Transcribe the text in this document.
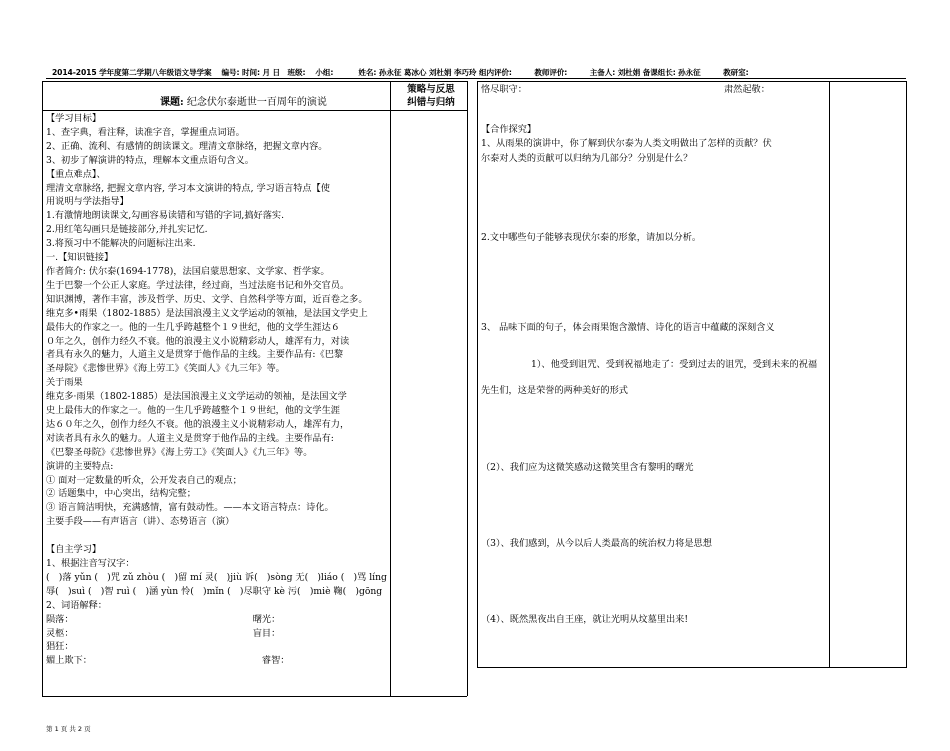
2014-2015 学年度第二学期八年级语文导学案　 编号: 时间: 月 日　班级:　 小组:　　　 姓名: 孙永征 葛冰心 刘杜娟 李巧玲 组内评价:　　　教师评价:　　　主备人: 刘杜娟 备课组长: 孙永征　　　教研室:
课题: 纪念伏尔泰逝世一百周年的演说
策略与反思
纠错与归纳

【学习目标】

1、查字典，看注释，读准字音，掌握重点词语。

2、正确、流利、有感情的朗读课文。理清文章脉络，把握文章内容。

3、初步了解演讲的特点，理解本文重点语句含义。

【重点难点】、

理清文章脉络, 把握文章内容, 学习本文演讲的特点, 学习语言特点【使

用说明与学法指导】

1.有激情地朗读课文,勾画容易读错和写错的字词,搞好落实.

2.用红笔勾画只是链接部分,并扎实记忆.

3.将预习中不能解决的问题标注出来.

一.【知识链接】

作者简介: 伏尔泰(1694-1778)，法国启蒙思想家、文学家、哲学家。

生于巴黎一个公正人家庭。学过法律，经过商，当过法庭书记和外交官员。

知识渊博，著作丰富，涉及哲学、历史、文学、自然科学等方面，近百卷之多。

维克多•雨果（1802-1885）是法国浪漫主义文学运动的领袖，是法国文学史上

最伟大的作家之一。他的一生几乎跨越整个１９世纪，他的文学生涯达６

０年之久，创作力经久不衰。他的浪漫主义小说精彩动人，雄浑有力，对读

者具有永久的魅力，人道主义是贯穿于他作品的主线。主要作品有:《巴黎

圣母院》《悲惨世界》《海上劳工》《笑面人》《九三年》等。

关于雨果

维克多·雨果（1802-1885）是法国浪漫主义文学运动的领袖，是法国文学

史上最伟大的作家之一。他的一生几乎跨越整个１９世纪，他的文学生涯

达６０年之久，创作力经久不衰。他的浪漫主义小说精彩动人，雄浑有力，

对读者具有永久的魅力。人道主义是贯穿于他作品的主线。主要作品有:

《巴黎圣母院》《悲惨世界》《海上劳工》《笑面人》《九三年》等。

演讲的主要特点:

① 面对一定数量的听众，公开发表自己的观点；

② 话题集中，中心突出，结构完整；

③ 语言简洁明快，充满感情，富有鼓动性。——本文语言特点：诗化。

主要手段——有声语言（讲）、态势语言（演）

【自主学习】

1、根据注音写汉字：

(　)落 yǔn (　)咒 zǔ zhòu (　)留 mí 灵(　)jiù 诉(　)sòng 无(　)liáo (　)骂 líng

辱(　)suì (　)智 ruì (　)涵 yùn 怜(　)mǐn (　)尽职守 kè 污(　)miè 鞠(　)gōng

2、词语解释：

陨落：　　　　　　　　　　　　　　　　　　　　曙光：

灵柩：　　　　　　　　　　　　　　　　　　　　盲目：

猖狂：

媚上欺下：　　　　　　　　　　　　　　　　　　　睿智：

恪尽职守：	肃然起敬：
【合作探究】
1、从雨果的演讲中，你了解到伏尔泰为人类文明做出了怎样的贡献？伏
尔泰对人类的贡献可以归纳为几部分？分别是什么？
2.文中哪些句子能够表现伏尔泰的形象，请加以分析。
3、 品味下面的句子，体会雨果饱含激情、诗化的语言中蕴藏的深刻含义
1）、他受到诅咒、受到祝福地走了：受到过去的诅咒，受到未来的祝福
先生们，这是荣誉的两种美好的形式
（2）、我们应为这微笑感动这微笑里含有黎明的曙光
（3）、我们感到，从今以后人类最高的统治权力将是思想
（4）、既然黑夜出自王座，就让光明从坟墓里出来!
第 1 页 共 2 页
